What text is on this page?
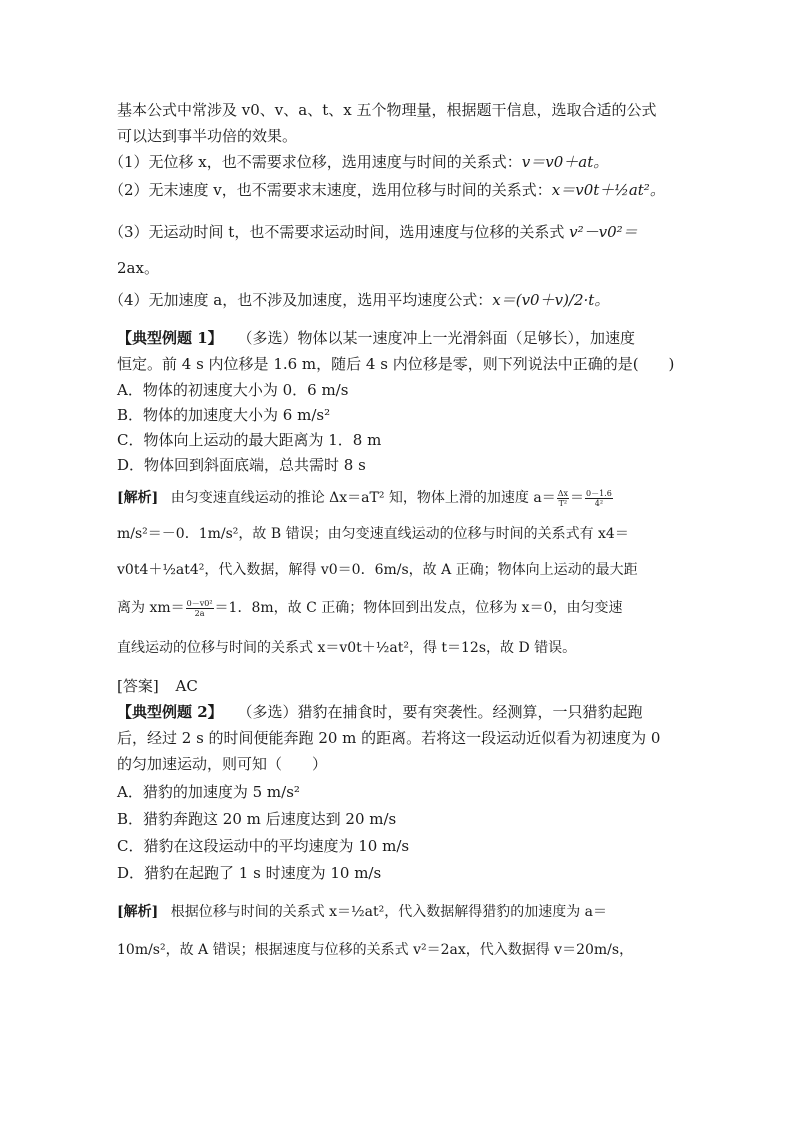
基本公式中常涉及 v0、v、a、t、x 五个物理量，根据题干信息，选取合适的公式
可以达到事半功倍的效果。
（1）无位移 x，也不需要求位移，选用速度与时间的关系式：v＝v0＋at。
（2）无末速度 v，也不需要求末速度，选用位移与时间的关系式：x＝v0t＋½at²。
（3）无运动时间 t，也不需要求运动时间，选用速度与位移的关系式 v²－v0²＝
2ax。
（4）无加速度 a，也不涉及加速度，选用平均速度公式：x＝(v0＋v)/2·t。
【典型例题 1】 （多选）物体以某一速度冲上一光滑斜面（足够长），加速度
恒定。前 4 s 内位移是 1.6 m，随后 4 s 内位移是零，则下列说法中正确的是(　　)
A．物体的初速度大小为 0．6 m/s
B．物体的加速度大小为 6 m/s²
C．物体向上运动的最大距离为 1．8 m
D．物体回到斜面底端，总共需时 8 s
[解析] 由匀变速直线运动的推论 Δx＝aT² 知，物体上滑的加速度 $a= \frac{\Delta x}{\text{T²}} = \frac{0-1.6}{\text{4²}}$
m/s²＝－0．1m/s²，故 B 错误；由匀变速直线运动的位移与时间的关系式有 x4＝
v0t4＋½at4²，代入数据，解得 v0＝0．6m/s，故 A 正确；物体向上运动的最大距
离为 $xm= \frac{\text{0－v0²}}{2a} =1$．8m，故 C 正确；物体回到出发点，位移为 x＝0，由匀变速
直线运动的位移与时间的关系式 x＝v0t＋½at²，得 t＝12s，故 D 错误。
[答案] AC
【典型例题 2】 （多选）猎豹在捕食时，要有突袭性。经测算，一只猎豹起跑
后，经过 2 s 的时间便能奔跑 20 m 的距离。若将这一段运动近似看为初速度为 0
的匀加速运动，则可知（　　）
A．猎豹的加速度为 5 m/s²
B．猎豹奔跑这 20 m 后速度达到 20 m/s
C．猎豹在这段运动中的平均速度为 10 m/s
D．猎豹在起跑了 1 s 时速度为 10 m/s
[解析] 根据位移与时间的关系式 x＝½at²，代入数据解得猎豹的加速度为 a＝
10m/s²，故 A 错误；根据速度与位移的关系式 v²＝2ax，代入数据得 v＝20m/s，
